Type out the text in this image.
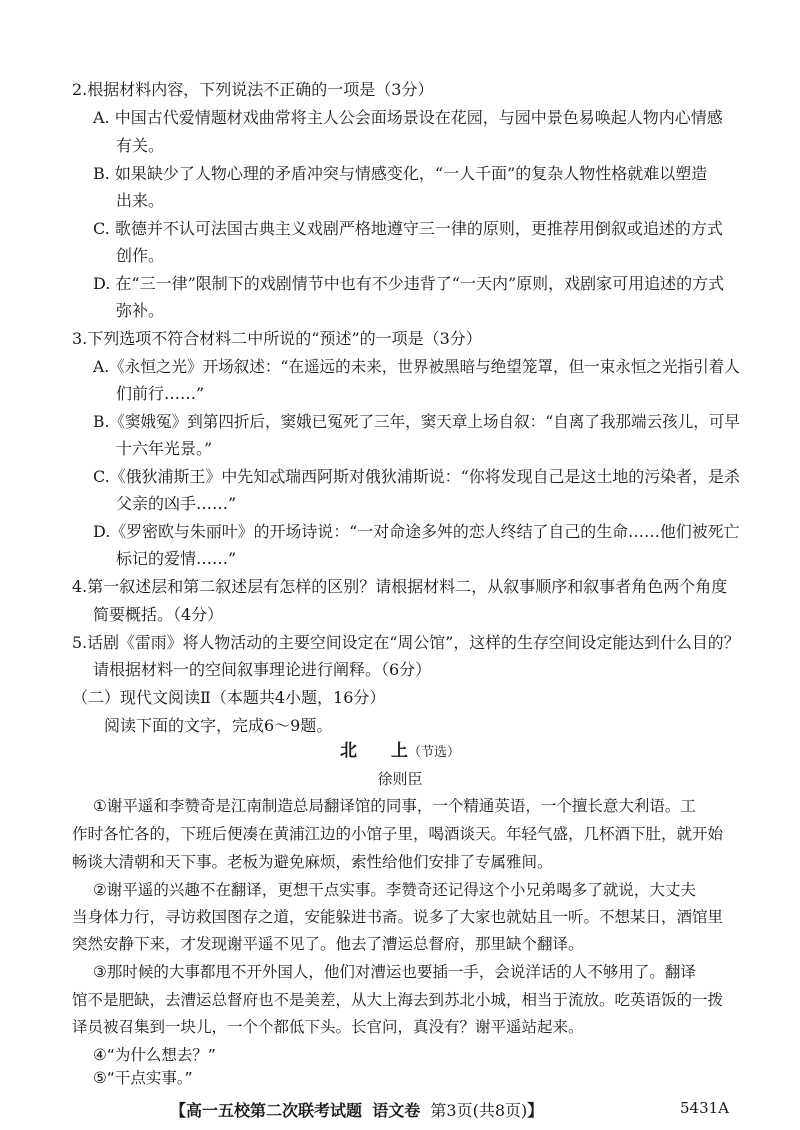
2.根据材料内容，下列说法不正确的一项是（3分）
A. 中国古代爱情题材戏曲常将主人公会面场景设在花园，与园中景色易唤起人物内心情感
有关。
B. 如果缺少了人物心理的矛盾冲突与情感变化，“一人千面”的复杂人物性格就难以塑造
出来。
C. 歌德并不认可法国古典主义戏剧严格地遵守三一律的原则，更推荐用倒叙或追述的方式
创作。
D. 在“三一律”限制下的戏剧情节中也有不少违背了“一天内”原则，戏剧家可用追述的方式
弥补。
3.下列选项不符合材料二中所说的“预述”的一项是（3分）
A.《永恒之光》开场叙述：“在遥远的未来，世界被黑暗与绝望笼罩，但一束永恒之光指引着人
们前行……”
B.《窦娥冤》到第四折后，窦娥已冤死了三年，窦天章上场自叙：“自离了我那端云孩儿，可早
十六年光景。”
C.《俄狄浦斯王》中先知忒瑞西阿斯对俄狄浦斯说：“你将发现自己是这土地的污染者，是杀
父亲的凶手……”
D.《罗密欧与朱丽叶》的开场诗说：“一对命途多舛的恋人终结了自己的生命……他们被死亡
标记的爱情……”
4.第一叙述层和第二叙述层有怎样的区别？请根据材料二，从叙事顺序和叙事者角色两个角度
简要概括。（4分）
5.话剧《雷雨》将人物活动的主要空间设定在“周公馆”，这样的生存空间设定能达到什么目的？
请根据材料一的空间叙事理论进行阐释。（6分）
（二）现代文阅读Ⅱ（本题共4小题，16分）
阅读下面的文字，完成6～9题。
北　　上（节选）
徐则臣
①谢平遥和李赞奇是江南制造总局翻译馆的同事，一个精通英语，一个擅长意大利语。工
作时各忙各的，下班后便凑在黄浦江边的小馆子里，喝酒谈天。年轻气盛，几杯酒下肚，就开始
畅谈大清朝和天下事。老板为避免麻烦，索性给他们安排了专属雅间。
②谢平遥的兴趣不在翻译，更想干点实事。李赞奇还记得这个小兄弟喝多了就说，大丈夫
当身体力行，寻访救国图存之道，安能躲进书斋。说多了大家也就姑且一听。不想某日，酒馆里
突然安静下来，才发现谢平遥不见了。他去了漕运总督府，那里缺个翻译。
③那时候的大事都甩不开外国人，他们对漕运也要插一手，会说洋话的人不够用了。翻译
馆不是肥缺，去漕运总督府也不是美差，从大上海去到苏北小城，相当于流放。吃英语饭的一拨
译员被召集到一块儿，一个个都低下头。长官问，真没有？谢平遥站起来。
④“为什么想去？”
⑤“干点实事。”
【高一五校第二次联考试题 语文卷 第3页(共8页)】	5431A
